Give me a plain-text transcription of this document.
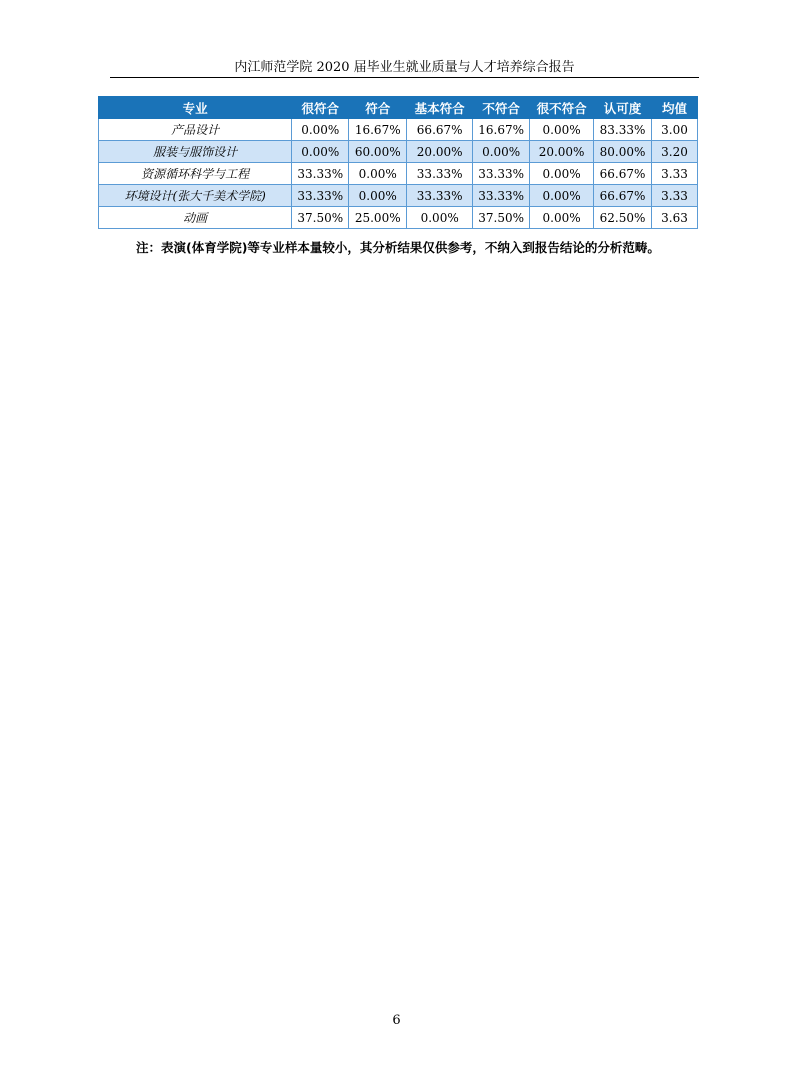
内江师范学院 2020 届毕业生就业质量与人才培养综合报告
专业	很符合	符合	基本符合	不符合	很不符合	认可度	均值
产品设计	0.00%	16.67%	66.67%	16.67%	0.00%	83.33%	3.00
服装与服饰设计	0.00%	60.00%	20.00%	0.00%	20.00%	80.00%	3.20
资源循环科学与工程	33.33%	0.00%	33.33%	33.33%	0.00%	66.67%	3.33
环境设计(张大千美术学院)	33.33%	0.00%	33.33%	33.33%	0.00%	66.67%	3.33
动画	37.50%	25.00%	0.00%	37.50%	0.00%	62.50%	3.63
注：表演(体育学院)等专业样本量较小，其分析结果仅供参考，不纳入到报告结论的分析范畴。
6
